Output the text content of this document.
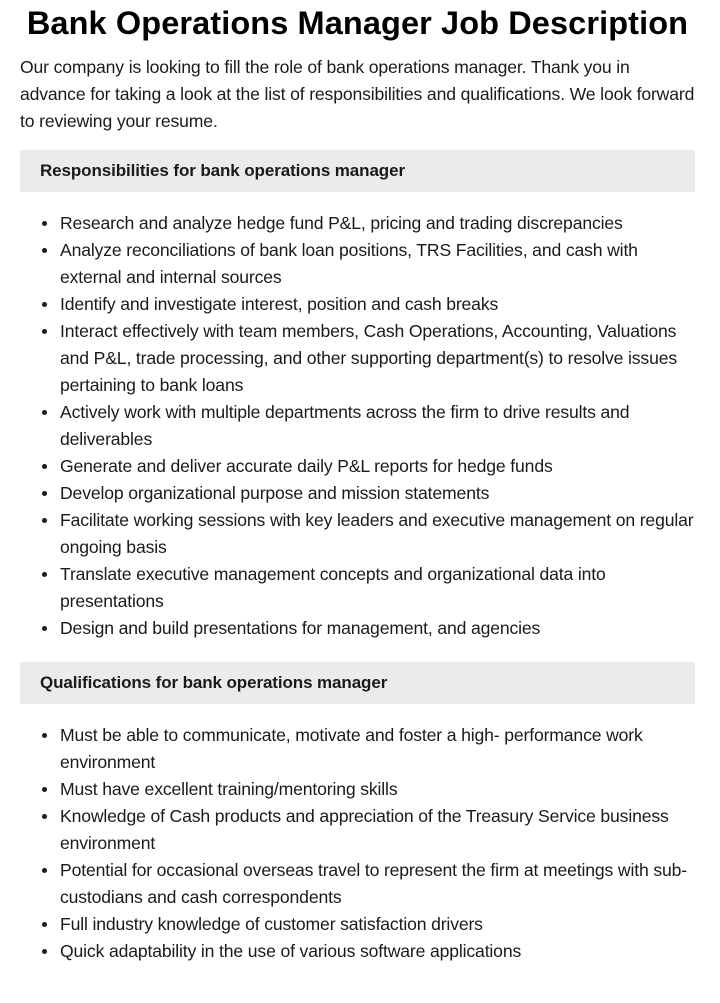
Bank Operations Manager Job Description

Our company is looking to fill the role of bank operations manager. Thank you in advance for taking a look at the list of responsibilities and qualifications. We look forward to reviewing your resume.

Responsibilities for bank operations manager
Research and analyze hedge fund P&L, pricing and trading discrepancies
Analyze reconciliations of bank loan positions, TRS Facilities, and cash with external and internal sources
Identify and investigate interest, position and cash breaks
Interact effectively with team members, Cash Operations, Accounting, Valuations and P&L, trade processing, and other supporting department(s) to resolve issues pertaining to bank loans
Actively work with multiple departments across the firm to drive results and deliverables
Generate and deliver accurate daily P&L reports for hedge funds
Develop organizational purpose and mission statements
Facilitate working sessions with key leaders and executive management on regular ongoing basis
Translate executive management concepts and organizational data into presentations
Design and build presentations for management, and agencies
Qualifications for bank operations manager
Must be able to communicate, motivate and foster a high- performance work environment
Must have excellent training/mentoring skills
Knowledge of Cash products and appreciation of the Treasury Service business environment
Potential for occasional overseas travel to represent the firm at meetings with sub-custodians and cash correspondents
Full industry knowledge of customer satisfaction drivers
Quick adaptability in the use of various software applications
